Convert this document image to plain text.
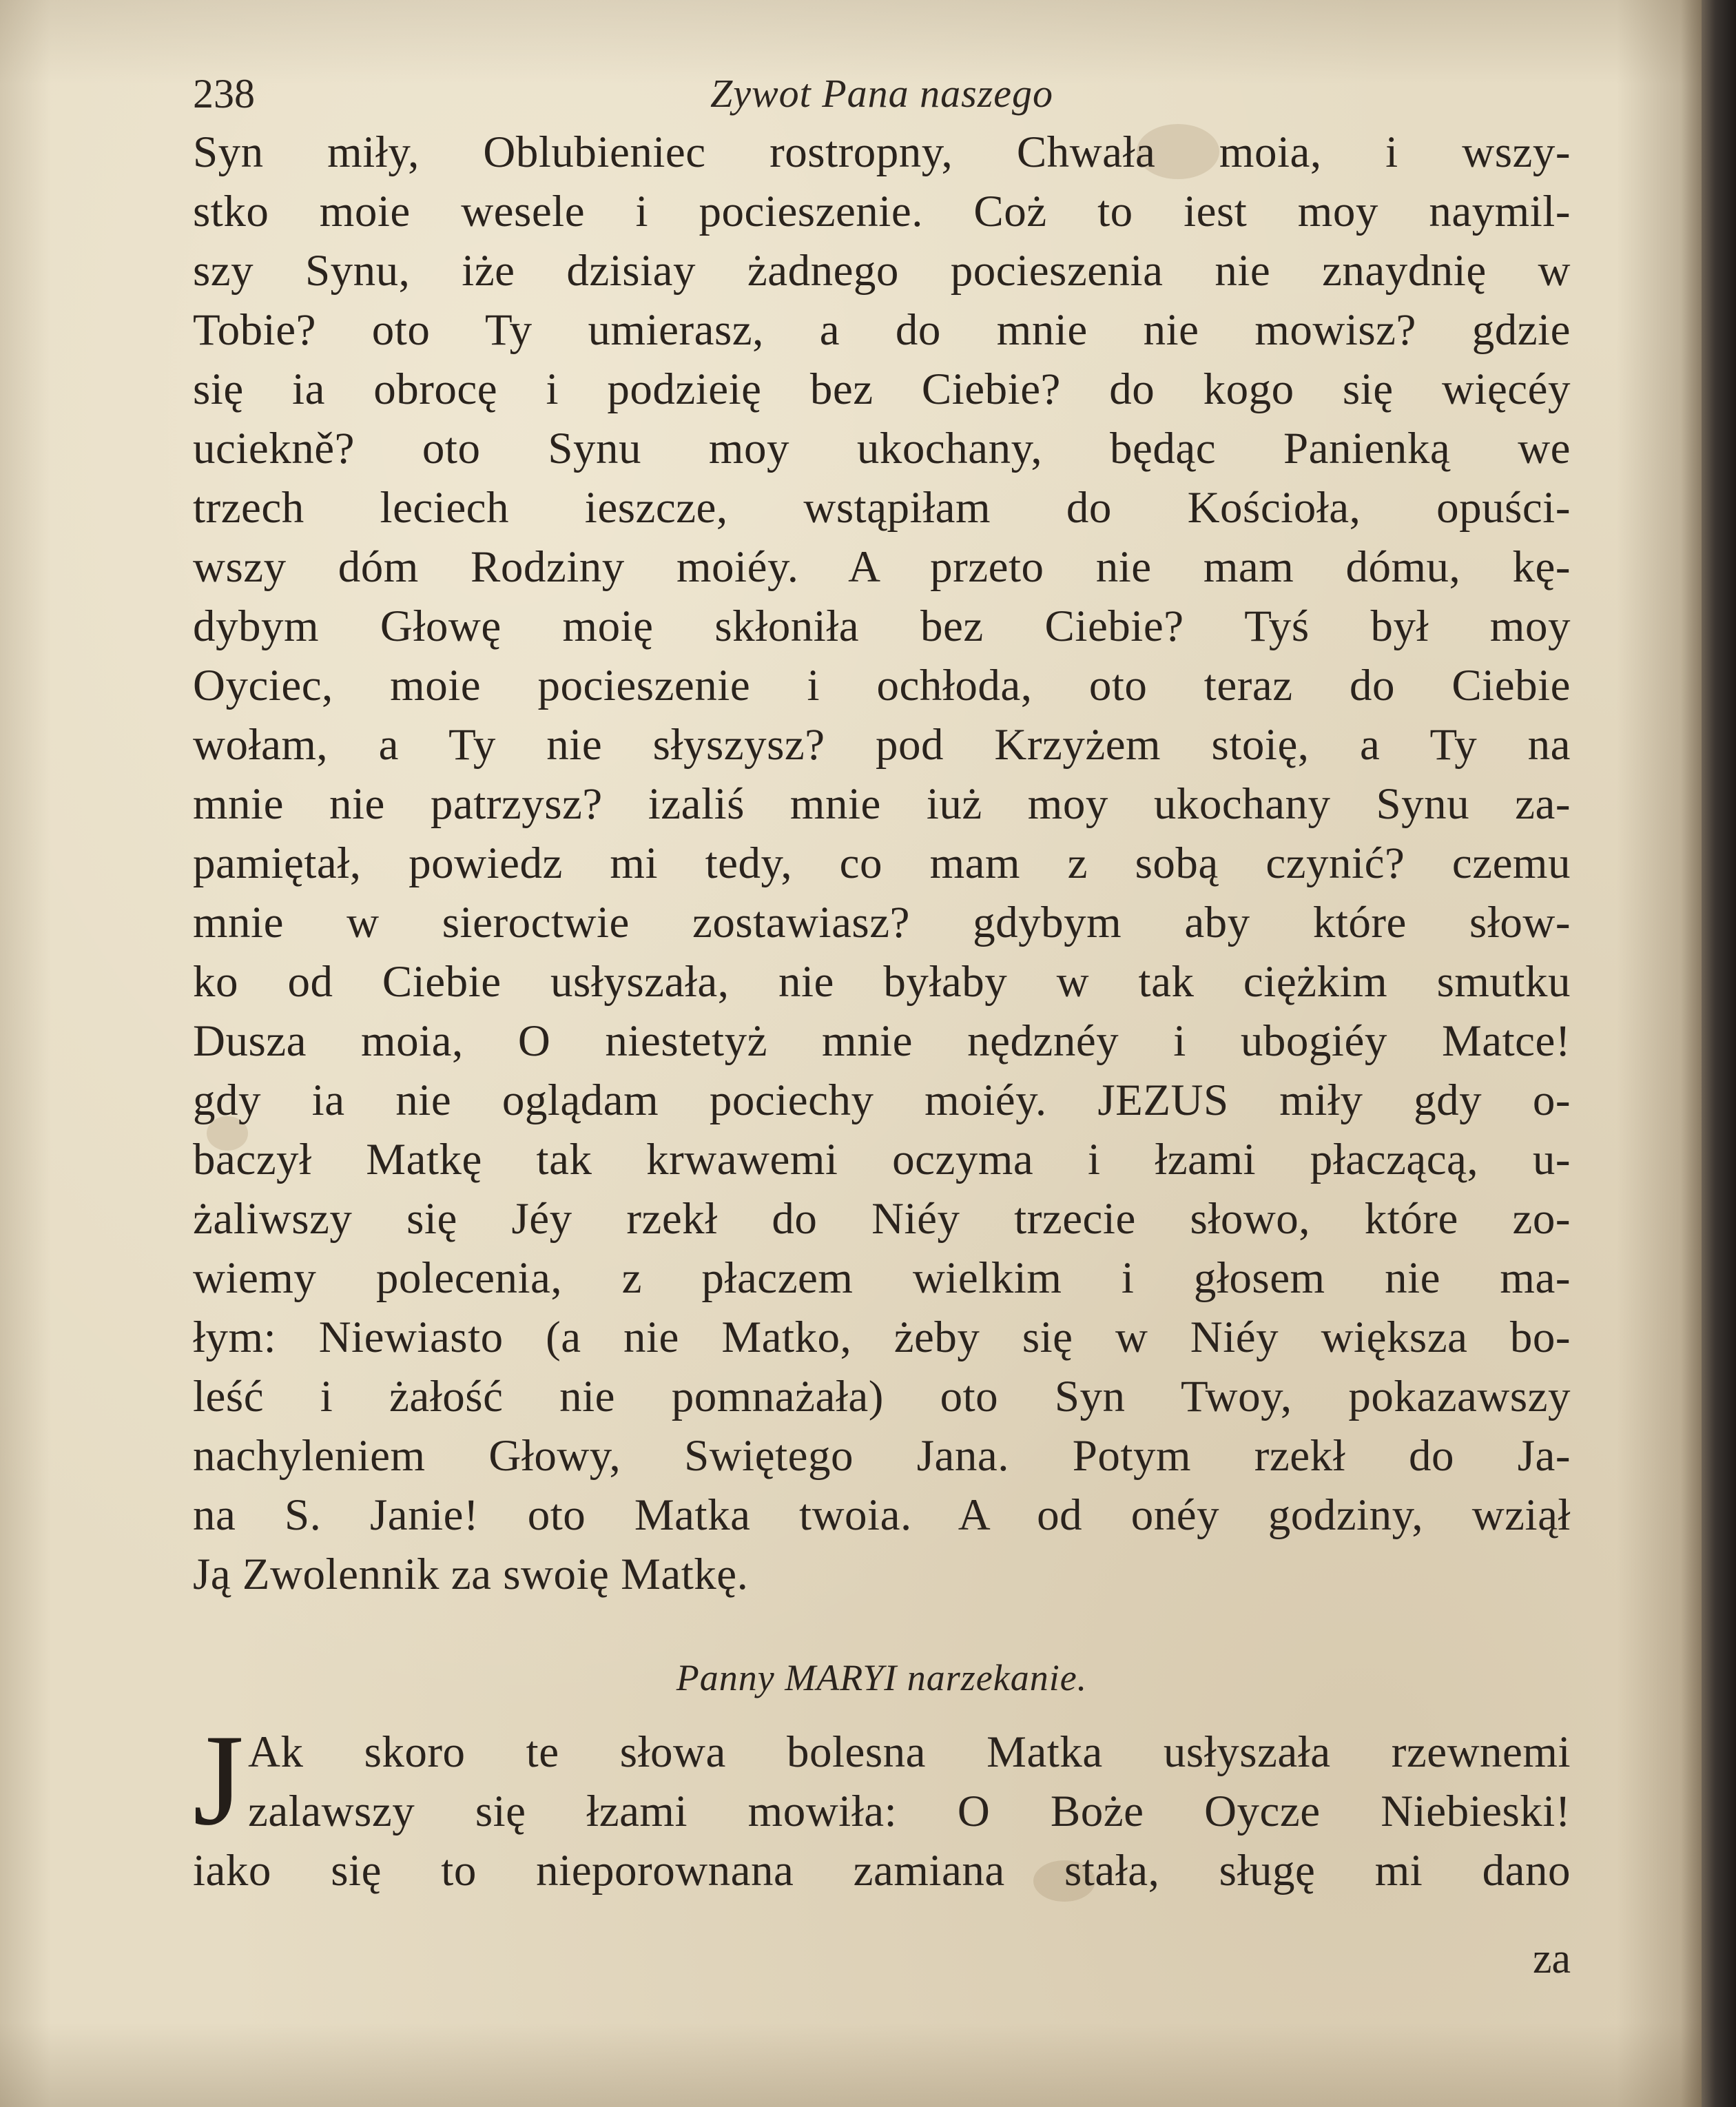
238	Zywot Pana naszego
Syn miły, Oblubieniec rostropny, Chwała moia, i wszy-
stko moie wesele i pocieszenie. Coż to iest moy naymil-
szy Synu, iże dzisiay żadnego pocieszenia nie znaydnię w
Tobie? oto Ty umierasz, a do mnie nie mowisz? gdzie
się ia obrocę i podzieię bez Ciebie? do kogo się więcéy
uciekně? oto Synu moy ukochany, będąc Panienką we
trzech leciech ieszcze, wstąpiłam do Kościoła, opuści-
wszy dóm Rodziny moiéy. A przeto nie mam dómu, kę-
dybym Głowę moię skłoniła bez Ciebie? Tyś był moy
Oyciec, moie pocieszenie i ochłoda, oto teraz do Ciebie
wołam, a Ty nie słyszysz? pod Krzyżem stoię, a Ty na
mnie nie patrzysz? izaliś mnie iuż moy ukochany Synu za-
pamiętał, powiedz mi tedy, co mam z sobą czynić? czemu
mnie w sieroctwie zostawiasz? gdybym aby które słow-
ko od Ciebie usłyszała, nie byłaby w tak ciężkim smutku
Dusza moia, O niestetyż mnie nędznéy i ubogiéy Matce!
gdy ia nie oglądam pociechy moiéy. JEZUS miły gdy o-
baczył Matkę tak krwawemi oczyma i łzami płaczącą, u-
żaliwszy się Jéy rzekł do Niéy trzecie słowo, które zo-
wiemy polecenia, z płaczem wielkim i głosem nie ma-
łym: Niewiasto (a nie Matko, żeby się w Niéy większa bo-
leść i żałość nie pomnażała) oto Syn Twoy, pokazawszy
nachyleniem Głowy, Swiętego Jana. Potym rzekł do Ja-
na S. Janie! oto Matka twoia. A od onéy godziny, wziął
Ją Zwolennik za swoię Matkę.
Panny MARYI narzekanie.
J Ak skoro te słowa bolesna Matka usłyszała rzewnemi
zalawszy się łzami mowiła: O Boże Oycze Niebieski!
iako się to nieporownana zamiana stała, sługę mi dano
za
